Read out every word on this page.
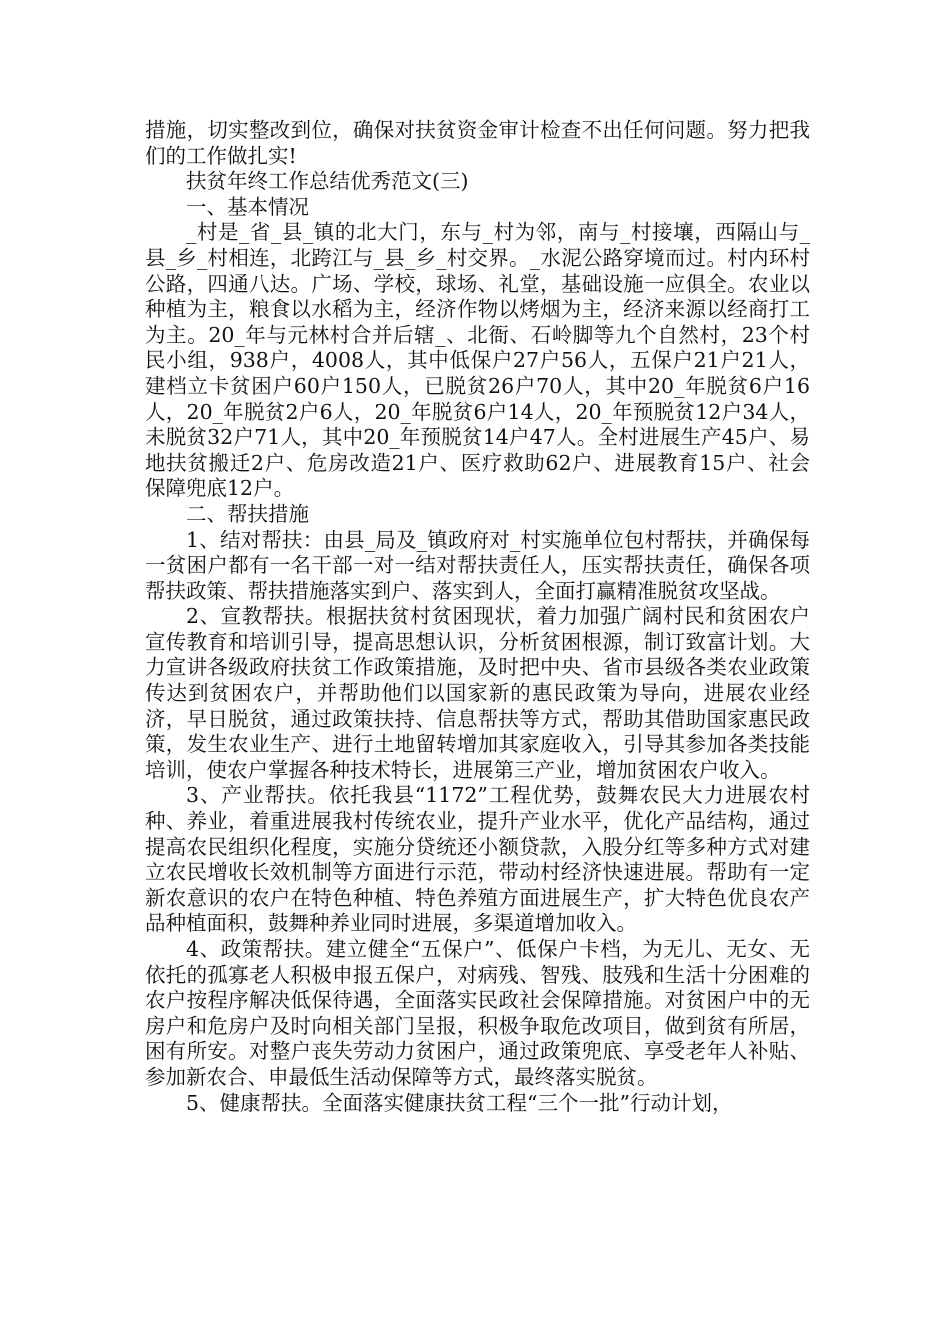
措施，切实整改到位，确保对扶贫资金审计检查不出任何问题。努力把我们的工作做扎实!

扶贫年终工作总结优秀范文(三)

一、基本情况

_村是_省_县_镇的北大门，东与_村为邻，南与_村接壤，西隔山与_县_乡_村相连，北跨江与_县_乡_村交界。_水泥公路穿境而过。村内环村公路，四通八达。广场、学校，球场、礼堂，基础设施一应俱全。农业以种植为主，粮食以水稻为主，经济作物以烤烟为主，经济来源以经商打工为主。20_年与元林村合并后辖_、北衙、石岭脚等九个自然村，23个村民小组，938户，4008人，其中低保户27户56人，五保户21户21人，建档立卡贫困户60户150人，已脱贫26户70人，其中20_年脱贫6户16人，20_年脱贫2户6人，20_年脱贫6户14人，20_年预脱贫12户34人，未脱贫32户71人，其中20_年预脱贫14户47人。全村进展生产45户、易地扶贫搬迁2户、危房改造21户、医疗救助62户、进展教育15户、社会保障兜底12户。

二、帮扶措施

1、结对帮扶：由县_局及_镇政府对_村实施单位包村帮扶，并确保每一贫困户都有一名干部一对一结对帮扶责任人，压实帮扶责任，确保各项帮扶政策、帮扶措施落实到户、落实到人，全面打赢精准脱贫攻坚战。

2、宣教帮扶。根据扶贫村贫困现状，着力加强广阔村民和贫困农户宣传教育和培训引导，提高思想认识，分析贫困根源，制订致富计划。大力宣讲各级政府扶贫工作政策措施，及时把中央、省市县级各类农业政策传达到贫困农户，并帮助他们以国家新的惠民政策为导向，进展农业经济，早日脱贫，通过政策扶持、信息帮扶等方式，帮助其借助国家惠民政策，发生农业生产、进行土地留转增加其家庭收入，引导其参加各类技能培训，使农户掌握各种技术特长，进展第三产业，增加贫困农户收入。

3、产业帮扶。依托我县“1172”工程优势，鼓舞农民大力进展农村种、养业，着重进展我村传统农业，提升产业水平，优化产品结构，通过提高农民组织化程度，实施分贷统还小额贷款，入股分红等多种方式对建立农民增收长效机制等方面进行示范，带动村经济快速进展。帮助有一定新农意识的农户在特色种植、特色养殖方面进展生产，扩大特色优良农产品种植面积，鼓舞种养业同时进展，多渠道增加收入。

4、政策帮扶。建立健全“五保户”、低保户卡档，为无儿、无女、无依托的孤寡老人积极申报五保户，对病残、智残、肢残和生活十分困难的农户按程序解决低保待遇，全面落实民政社会保障措施。对贫困户中的无房户和危房户及时向相关部门呈报，积极争取危改项目，做到贫有所居，困有所安。对整户丧失劳动力贫困户，通过政策兜底、享受老年人补贴、参加新农合、申最低生活动保障等方式，最终落实脱贫。

5、健康帮扶。全面落实健康扶贫工程“三个一批”行动计划，
